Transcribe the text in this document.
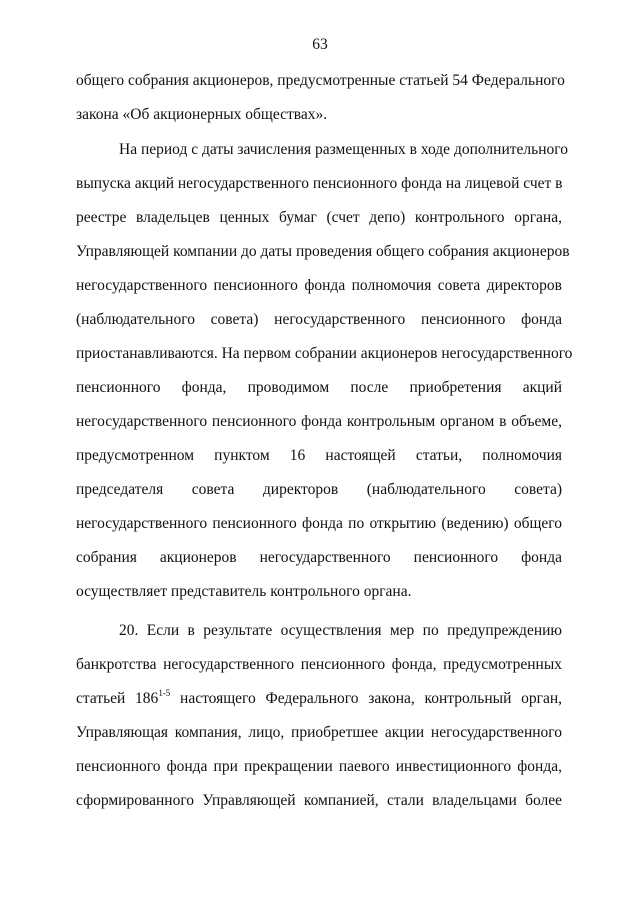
63
общего собрания акционеров, предусмотренные статьей 54 Федерального
закона «Об акционерных обществах».
На период с даты зачисления размещенных в ходе дополнительного
выпуска акций негосударственного пенсионного фонда на лицевой счет в
реестре владельцев ценных бумаг (счет депо) контрольного органа,
Управляющей компании до даты проведения общего собрания акционеров
негосударственного пенсионного фонда полномочия совета директоров
(наблюдательного совета) негосударственного пенсионного фонда
приостанавливаются. На первом собрании акционеров негосударственного
пенсионного фонда, проводимом после приобретения акций
негосударственного пенсионного фонда контрольным органом в объеме,
предусмотренном пунктом 16 настоящей статьи, полномочия
председателя совета директоров (наблюдательного совета)
негосударственного пенсионного фонда по открытию (ведению) общего
собрания акционеров негосударственного пенсионного фонда
осуществляет представитель контрольного органа.
20. Если в результате осуществления мер по предупреждению
банкротства негосударственного пенсионного фонда, предусмотренных
статьей 186$^{1-5}$ настоящего Федерального закона, контрольный орган,
Управляющая компания, лицо, приобретшее акции негосударственного
пенсионного фонда при прекращении паевого инвестиционного фонда,
сформированного Управляющей компанией, стали владельцами более
